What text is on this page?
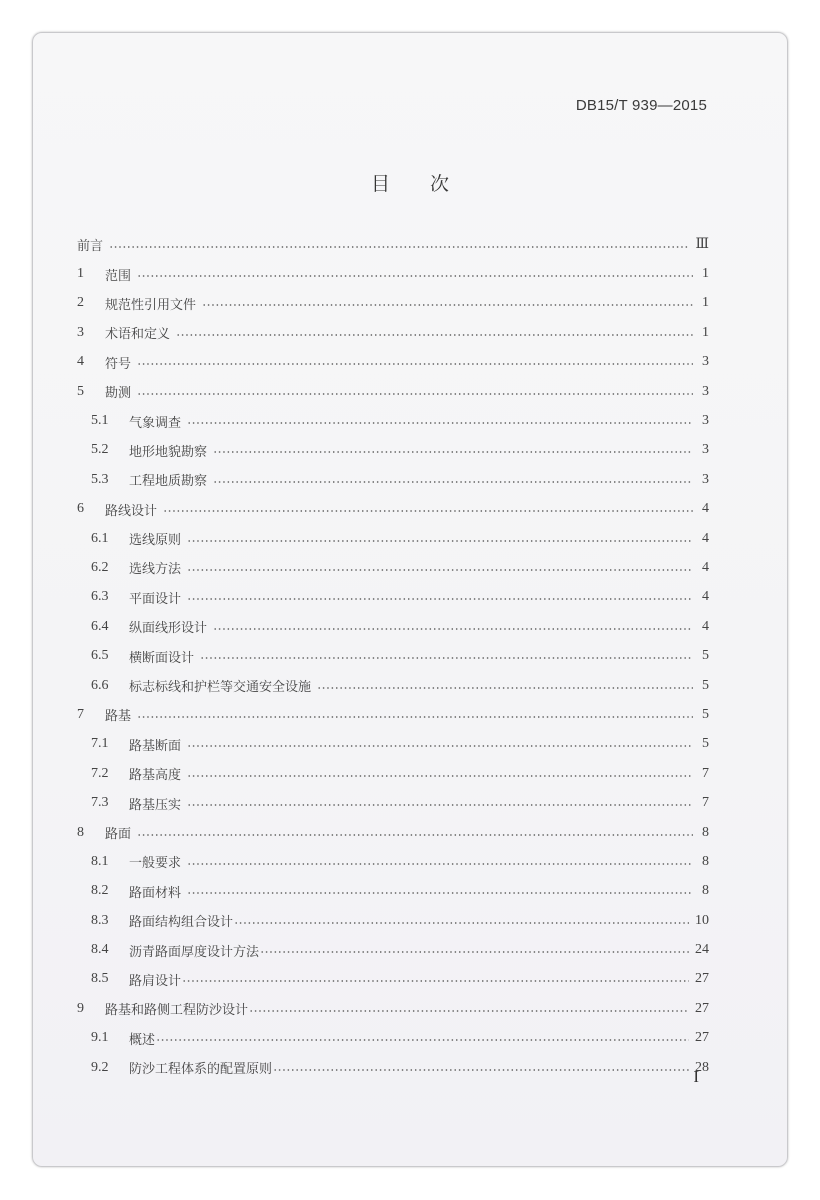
DB15/T 939—2015
目 次
前言	Ⅲ
1	范围	1
2	规范性引用文件	1
3	术语和定义	1
4	符号	3
5	勘测	3
5.1	气象调查	3
5.2	地形地貌勘察	3
5.3	工程地质勘察	3
6	路线设计	4
6.1	选线原则	4
6.2	选线方法	4
6.3	平面设计	4
6.4	纵面线形设计	4
6.5	横断面设计	5
6.6	标志标线和护栏等交通安全设施	5
7	路基	5
7.1	路基断面	5
7.2	路基高度	7
7.3	路基压实	7
8	路面	8
8.1	一般要求	8
8.2	路面材料	8
8.3	路面结构组合设计	10
8.4	沥青路面厚度设计方法	24
8.5	路肩设计	27
9	路基和路侧工程防沙设计	27
9.1	概述	27
9.2	防沙工程体系的配置原则	28
I
